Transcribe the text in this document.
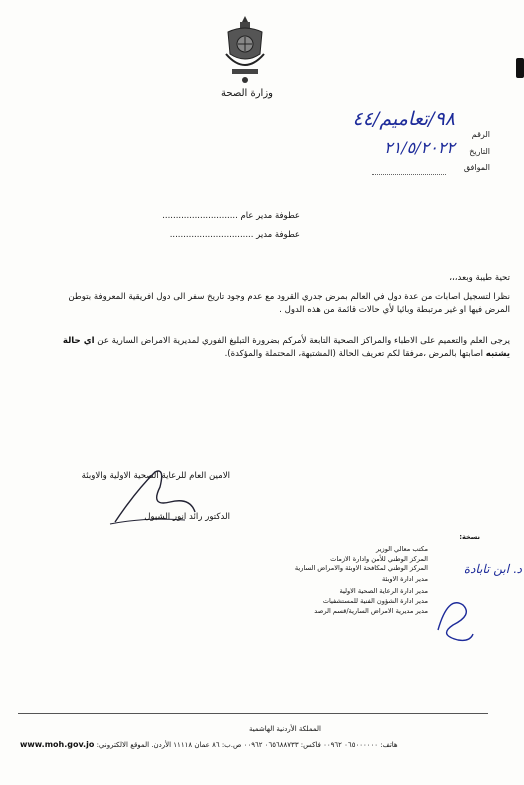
وزارة الصحة
الرقم
التاريخ
الموافق
٩٨/تعاميم/٤٤
٢١/٥/٢٠٢٢
عطوفة مدير عام ............................
عطوفة مدير ...............................
تحية طيبة وبعد،،،
نظرا لتسجيل اصابات من عدة دول في العالم بمرض جدري القرود مع عدم وجود تاريخ سفر الى دول افريقية المعروفة بتوطن المرض فيها او غير مرتبطة وبائيا لأي حالات قائمة من هذه الدول .
يرجى العلم والتعميم على الاطباء والمراكز الصحية التابعة لأمركم بضرورة التبليغ الفوري لمديرية الامراض السارية عن اي حالة يشتبه اصابتها بالمرض ،مرفقا لكم تعريف الحالة (المشتبهة، المحتملة والمؤكدة).
الامين العام للرعاية الصحية الاولية والاوبئة
الدكتور رائد انور الشبول
نسخة:
مكتب معالي الوزير
المركز الوطني للأمن وادارة الازمات
المركز الوطني لمكافحة الاوبئة والامراض السارية
مدير ادارة الاوبئة
مدير ادارة الرعاية الصحية الاولية
مدير ادارة الشؤون الفنية للمستشفيات
مدير مديرية الامراض السارية/قسم الرصد
د. ابن تابادة
المملكة الأردنية الهاشمية
www.moh.gov.jo هاتف: ٠٦٥٠٠٠٠٠٠ ٠٠٩٦٢ فاكس: ٠٦٥٦٨٨٧٣٣ ٠٠٩٦٢ ص.ب: ٨٦ عمان ١١١١٨ الأردن. الموقع الالكتروني:
